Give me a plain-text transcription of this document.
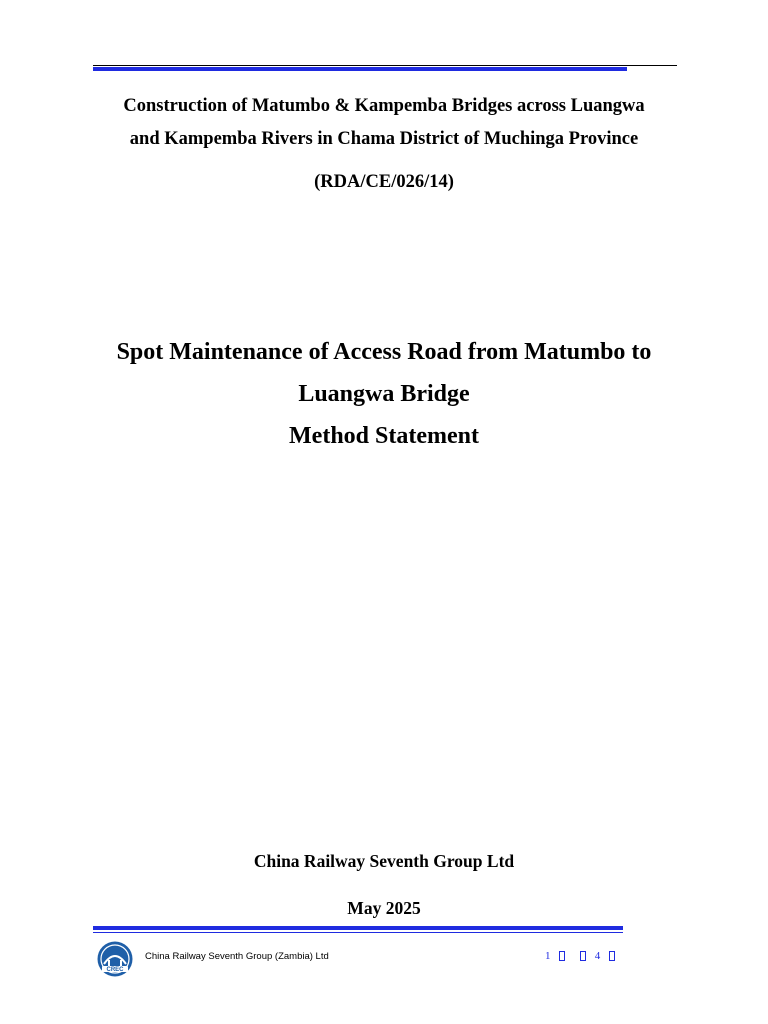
Construction of Matumbo & Kampemba Bridges across Luangwa
and Kampemba Rivers in Chama District of Muchinga Province
(RDA/CE/026/14)
Spot Maintenance of Access Road from Matumbo to
Luangwa Bridge
Method Statement
China Railway Seventh Group Ltd
May 2025
CREC
China Railway Seventh Group (Zambia) Ltd	1	4
